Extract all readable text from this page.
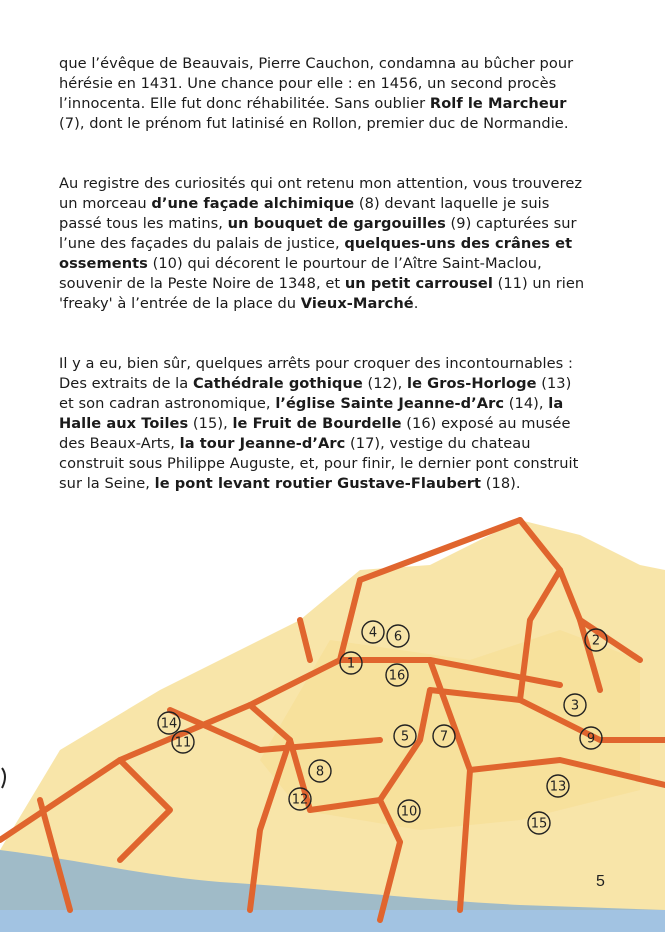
que l’évêque de Beauvais, Pierre Cauchon, condamna au bûcher pour hérésie en 1431. Une chance pour elle : en 1456, un second procès l’innocenta. Elle fut donc réhabilitée. Sans oublier Rolf le Marcheur (7), dont le prénom fut latinisé en Rollon, premier duc de Normandie.
Au registre des curiosités qui ont retenu mon attention, vous trouverez un morceau d’une façade alchimique (8) devant laquelle je suis passé tous les matins, un bouquet de gargouilles (9) capturées sur l’une des façades du palais de justice, quelques-uns des crânes et ossements (10) qui décorent le pourtour de l’Aître Saint-Maclou, souvenir de la Peste Noire de 1348, et un petit carrousel (11) un rien 'freaky' à l’entrée de la place du Vieux-Marché.
Il y a eu, bien sûr, quelques arrêts pour croquer des incontournables : Des extraits de la Cathédrale gothique (12), le Gros-Horloge (13) et son cadran astronomique, l’église Sainte Jeanne-d’Arc (14), la Halle aux Toiles (15), le Fruit de Bourdelle (16) exposé au musée des Beaux-Arts, la tour Jeanne-d’Arc (17), vestige du chateau construit sous Philippe Auguste, et, pour finir, le dernier pont construit sur la Seine, le pont levant routier Gustave-Flaubert (18).
4 6
1
16
2
14
11
3
5 7	9
8
13
12
10
15
5
